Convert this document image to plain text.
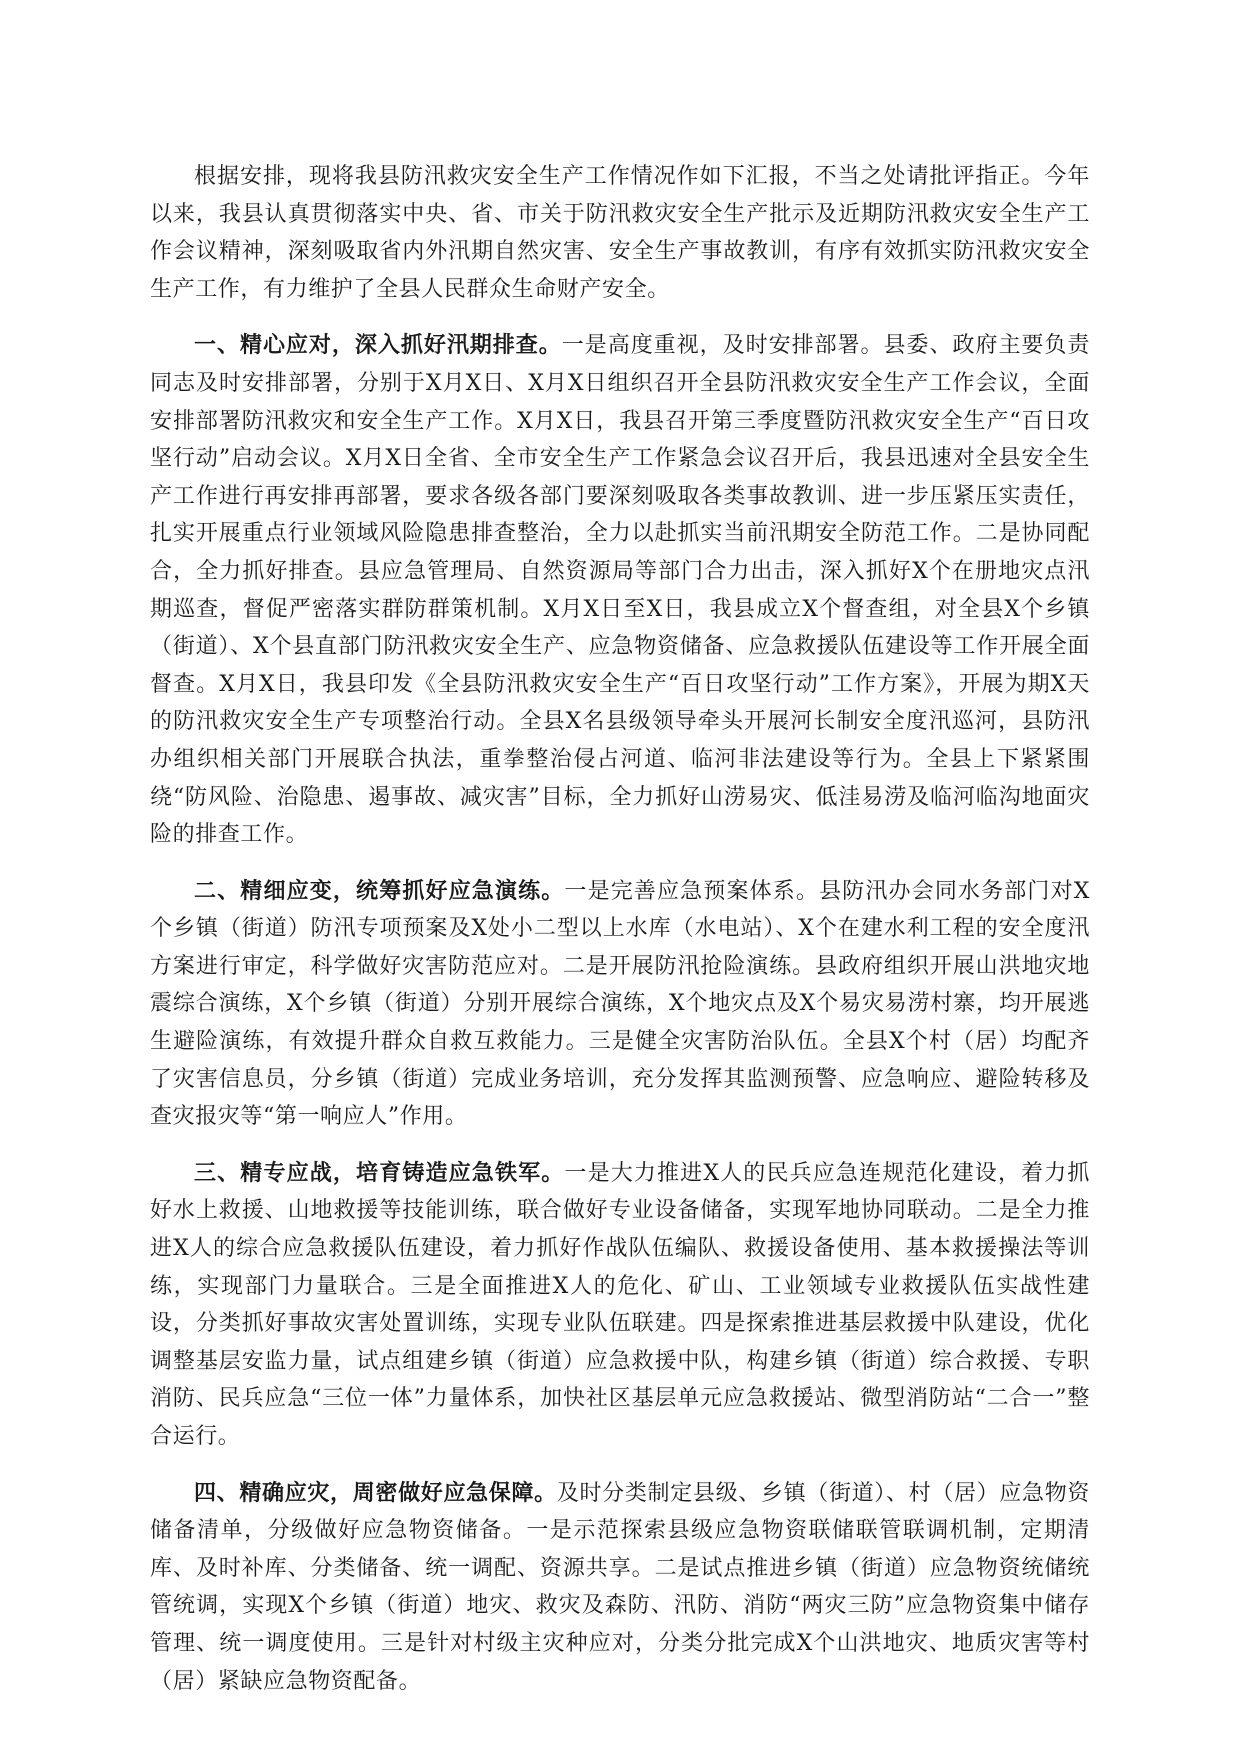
根据安排，现将我县防汛救灾安全生产工作情况作如下汇报，不当之处请批评指正。今年以来，我县认真贯彻落实中央、省、市关于防汛救灾安全生产批示及近期防汛救灾安全生产工作会议精神，深刻吸取省内外汛期自然灾害、安全生产事故教训，有序有效抓实防汛救灾安全生产工作，有力维护了全县人民群众生命财产安全。

一、精心应对，深入抓好汛期排查。一是高度重视，及时安排部署。县委、政府主要负责同志及时安排部署，分别于X月X日、X月X日组织召开全县防汛救灾安全生产工作会议，全面安排部署防汛救灾和安全生产工作。X月X日，我县召开第三季度暨防汛救灾安全生产“百日攻坚行动”启动会议。X月X日全省、全市安全生产工作紧急会议召开后，我县迅速对全县安全生产工作进行再安排再部署，要求各级各部门要深刻吸取各类事故教训、进一步压紧压实责任，扎实开展重点行业领域风险隐患排查整治，全力以赴抓实当前汛期安全防范工作。二是协同配合，全力抓好排查。县应急管理局、自然资源局等部门合力出击，深入抓好X个在册地灾点汛期巡查，督促严密落实群防群策机制。X月X日至X日，我县成立X个督查组，对全县X个乡镇（街道）、X个县直部门防汛救灾安全生产、应急物资储备、应急救援队伍建设等工作开展全面督查。X月X日，我县印发《全县防汛救灾安全生产“百日攻坚行动”工作方案》，开展为期X天的防汛救灾安全生产专项整治行动。全县X名县级领导牵头开展河长制安全度汛巡河，县防汛办组织相关部门开展联合执法，重拳整治侵占河道、临河非法建设等行为。全县上下紧紧围绕“防风险、治隐患、遏事故、减灾害”目标，全力抓好山涝易灾、低洼易涝及临河临沟地面灾险的排查工作。

二、精细应变，统筹抓好应急演练。一是完善应急预案体系。县防汛办会同水务部门对X个乡镇（街道）防汛专项预案及X处小二型以上水库（水电站）、X个在建水利工程的安全度汛方案进行审定，科学做好灾害防范应对。二是开展防汛抢险演练。县政府组织开展山洪地灾地震综合演练，X个乡镇（街道）分别开展综合演练，X个地灾点及X个易灾易涝村寨，均开展逃生避险演练，有效提升群众自救互救能力。三是健全灾害防治队伍。全县X个村（居）均配齐了灾害信息员，分乡镇（街道）完成业务培训，充分发挥其监测预警、应急响应、避险转移及查灾报灾等“第一响应人”作用。

三、精专应战，培育铸造应急铁军。一是大力推进X人的民兵应急连规范化建设，着力抓好水上救援、山地救援等技能训练，联合做好专业设备储备，实现军地协同联动。二是全力推进X人的综合应急救援队伍建设，着力抓好作战队伍编队、救援设备使用、基本救援操法等训练，实现部门力量联合。三是全面推进X人的危化、矿山、工业领域专业救援队伍实战性建设，分类抓好事故灾害处置训练，实现专业队伍联建。四是探索推进基层救援中队建设，优化调整基层安监力量，试点组建乡镇（街道）应急救援中队，构建乡镇（街道）综合救援、专职消防、民兵应急“三位一体”力量体系，加快社区基层单元应急救援站、微型消防站“二合一”整合运行。

四、精确应灾，周密做好应急保障。及时分类制定县级、乡镇（街道）、村（居）应急物资储备清单，分级做好应急物资储备。一是示范探索县级应急物资联储联管联调机制，定期清库、及时补库、分类储备、统一调配、资源共享。二是试点推进乡镇（街道）应急物资统储统管统调，实现X个乡镇（街道）地灾、救灾及森防、汛防、消防“两灾三防”应急物资集中储存管理、统一调度使用。三是针对村级主灾种应对，分类分批完成X个山洪地灾、地质灾害等村（居）紧缺应急物资配备。
